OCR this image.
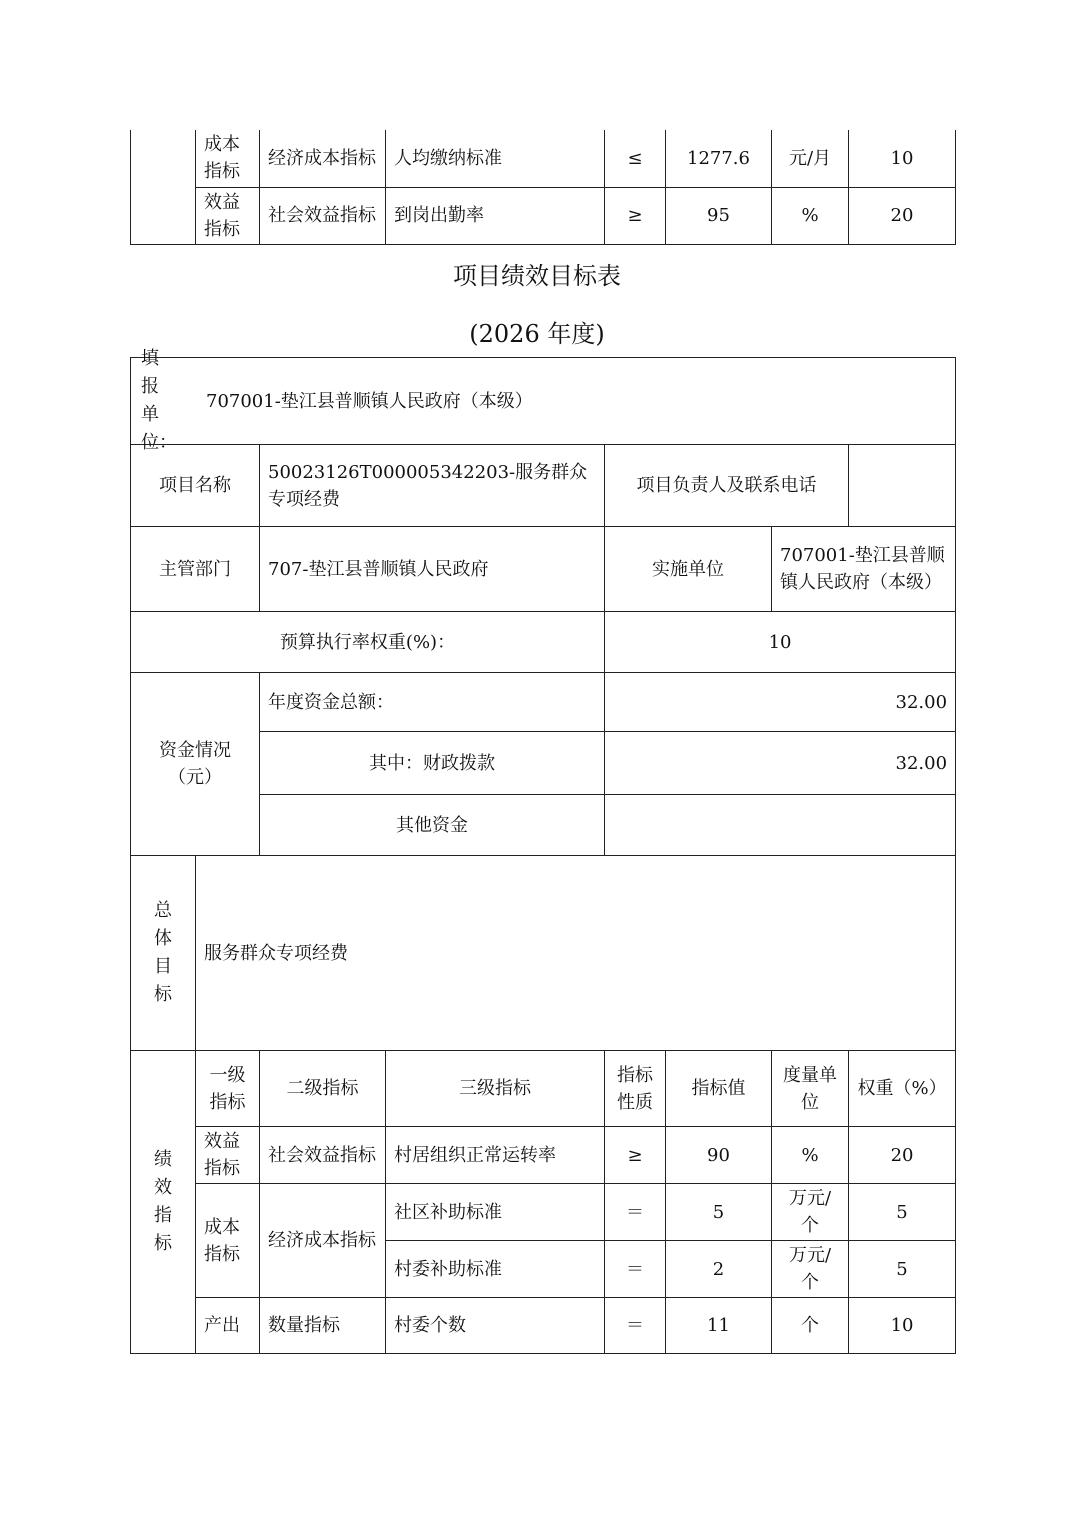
	成本指标	经济成本指标	人均缴纳标准	≤	1277.6	元/月	10
	效益指标	社会效益指标	到岗出勤率	≥	95	%	20
项目绩效目标表
(2026 年度)
填报单位：
707001-垫江县普顺镇人民政府（本级）							

项目名称		50023126T000005342203-服务群众专项经费		项目负责人及联系电话			
主管部门		707-垫江县普顺镇人民政府		实施单位		707001-垫江县普顺镇人民政府（本级）	
预算执行率权重(%)：				10			
资金情况（元）		年度资金总额：		32.00			
		其中：财政拨款		32.00			
		其他资金					
总体目标	服务群众专项经费						
绩效指标	一级指标	二级指标	三级指标	指标性质	指标值	度量单位	权重（%）
	效益指标	社会效益指标	村居组织正常运转率	≥	90	%	20
	成本指标	经济成本指标	社区补助标准	＝	5	万元/个	5
			村委补助标准	＝	2	万元/个	5
	产出	数量指标	村委个数	＝	11	个	10
